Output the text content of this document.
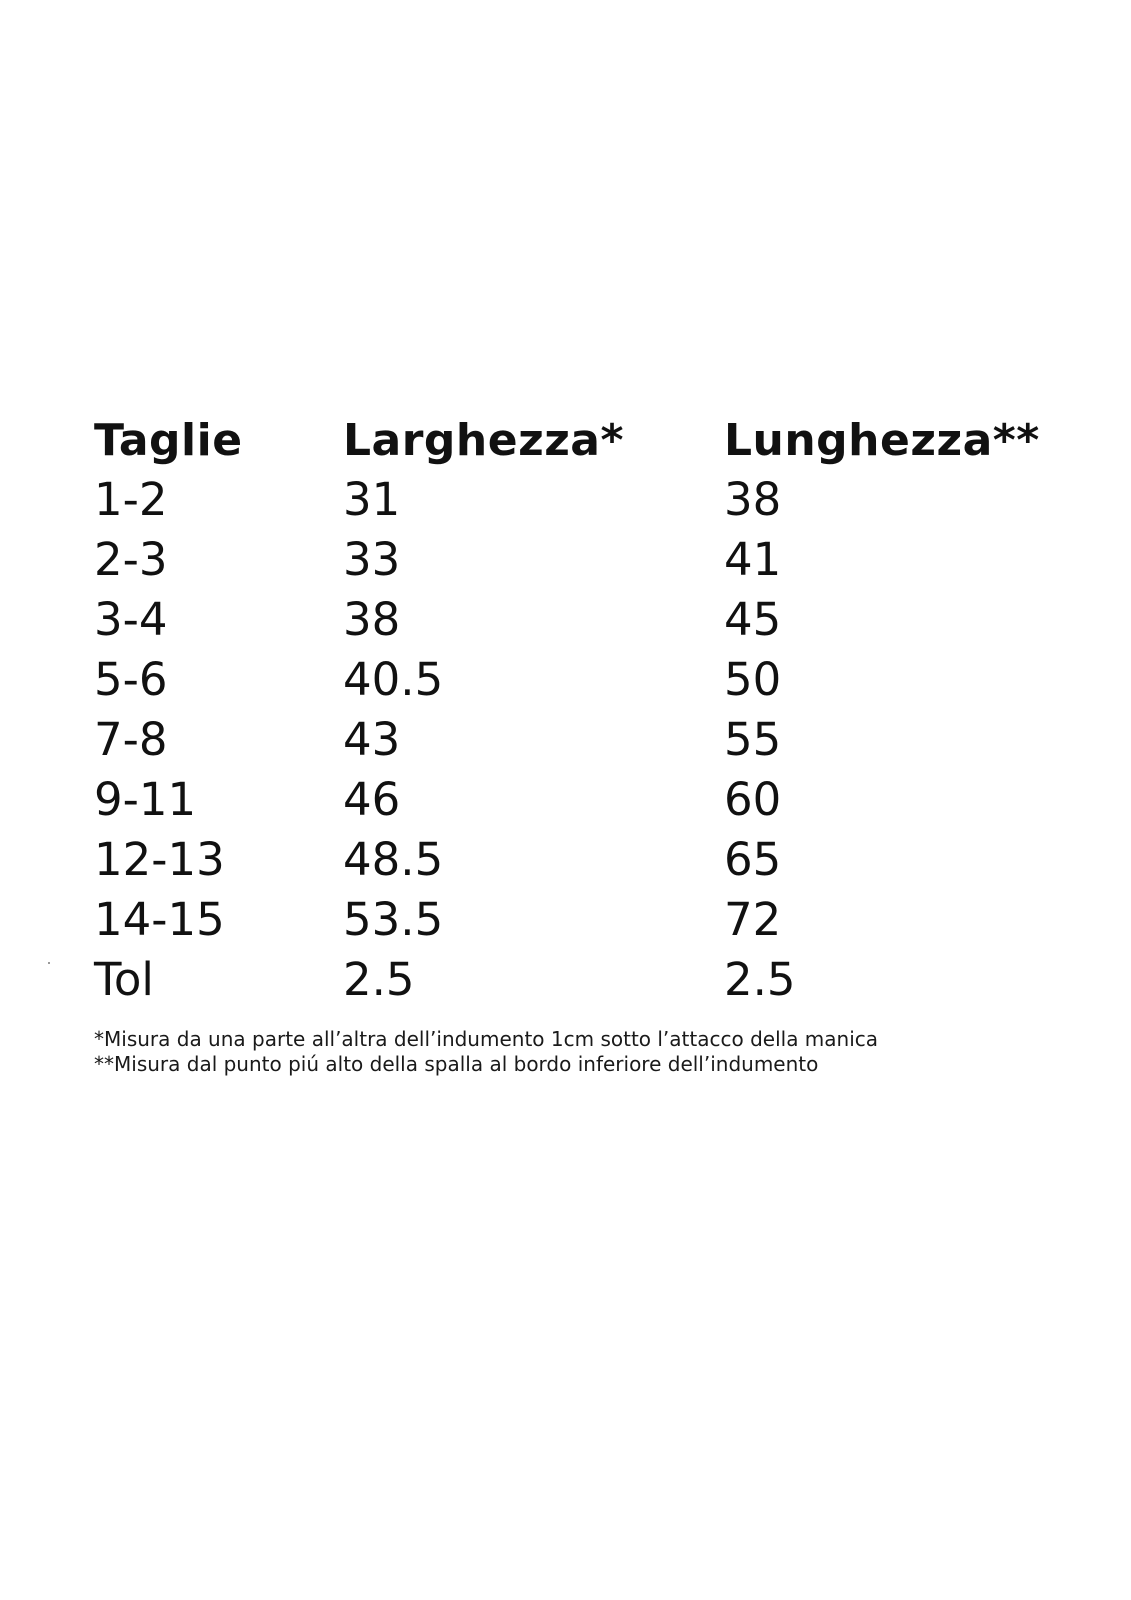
Taglie	Larghezza*	Lunghezza**
1-2	31	38
2-3	33	41
3-4	38	45
5-6	40.5	50
7-8	43	55
9-11	46	60
12-13	48.5	65
14-15	53.5	72
Tol	2.5	2.5
*Misura da una parte all’altra dell’indumento 1cm sotto l’attacco della manica
**Misura dal punto piú alto della spalla al bordo inferiore dell’indumento
